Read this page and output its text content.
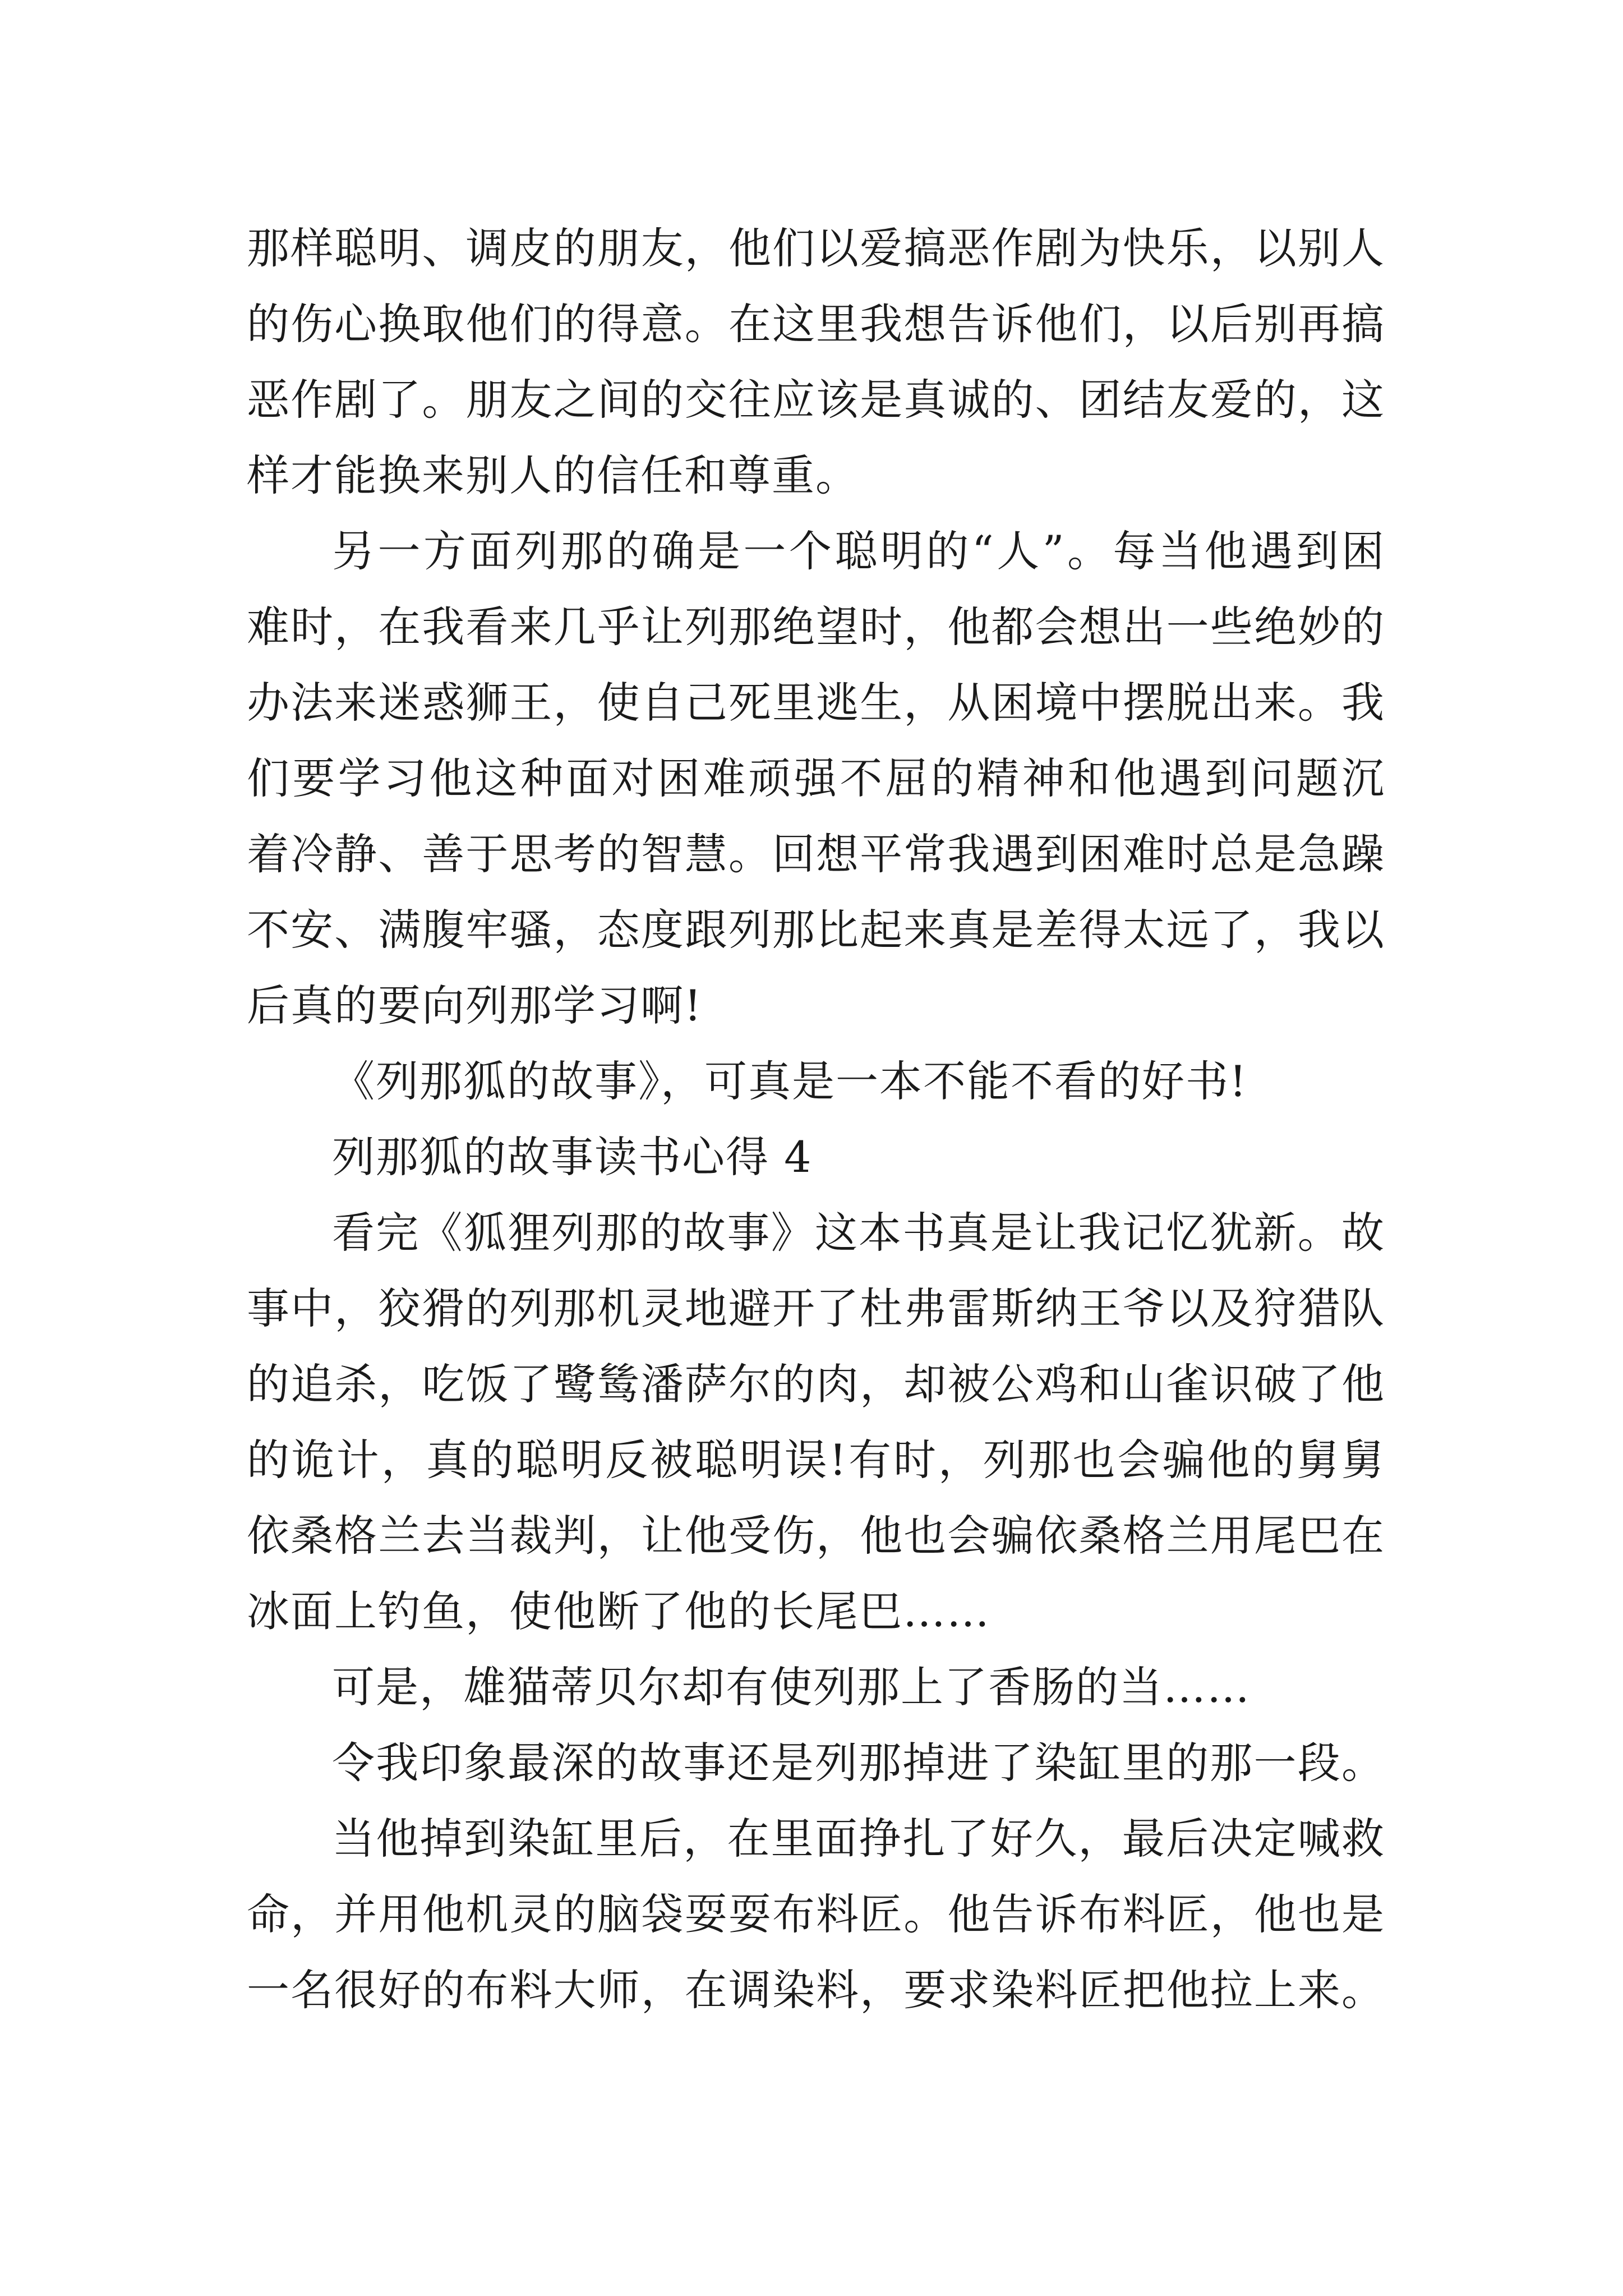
那样聪明、调皮的朋友，他们以爱搞恶作剧为快乐，以别人
的伤心换取他们的得意。在这里我想告诉他们，以后别再搞
恶作剧了。朋友之间的交往应该是真诚的、团结友爱的，这
样才能换来别人的信任和尊重。
另一方面列那的确是一个聪明的“人”。每当他遇到困
难时，在我看来几乎让列那绝望时，他都会想出一些绝妙的
办法来迷惑狮王，使自己死里逃生，从困境中摆脱出来。我
们要学习他这种面对困难顽强不屈的精神和他遇到问题沉
着冷静、善于思考的智慧。回想平常我遇到困难时总是急躁
不安、满腹牢骚，态度跟列那比起来真是差得太远了，我以
后真的要向列那学习啊!
《列那狐的故事》，可真是一本不能不看的好书!
列那狐的故事读书心得 4
看完《狐狸列那的故事》这本书真是让我记忆犹新。故
事中，狡猾的列那机灵地避开了杜弗雷斯纳王爷以及狩猎队
的追杀，吃饭了鹭鸶潘萨尔的肉，却被公鸡和山雀识破了他
的诡计，真的聪明反被聪明误!有时，列那也会骗他的舅舅
依桑格兰去当裁判，让他受伤，他也会骗依桑格兰用尾巴在
冰面上钓鱼，使他断了他的长尾巴……
可是，雄猫蒂贝尔却有使列那上了香肠的当……
令我印象最深的故事还是列那掉进了染缸里的那一段。
当他掉到染缸里后，在里面挣扎了好久，最后决定喊救
命，并用他机灵的脑袋耍耍布料匠。他告诉布料匠，他也是
一名很好的布料大师，在调染料，要求染料匠把他拉上来。
